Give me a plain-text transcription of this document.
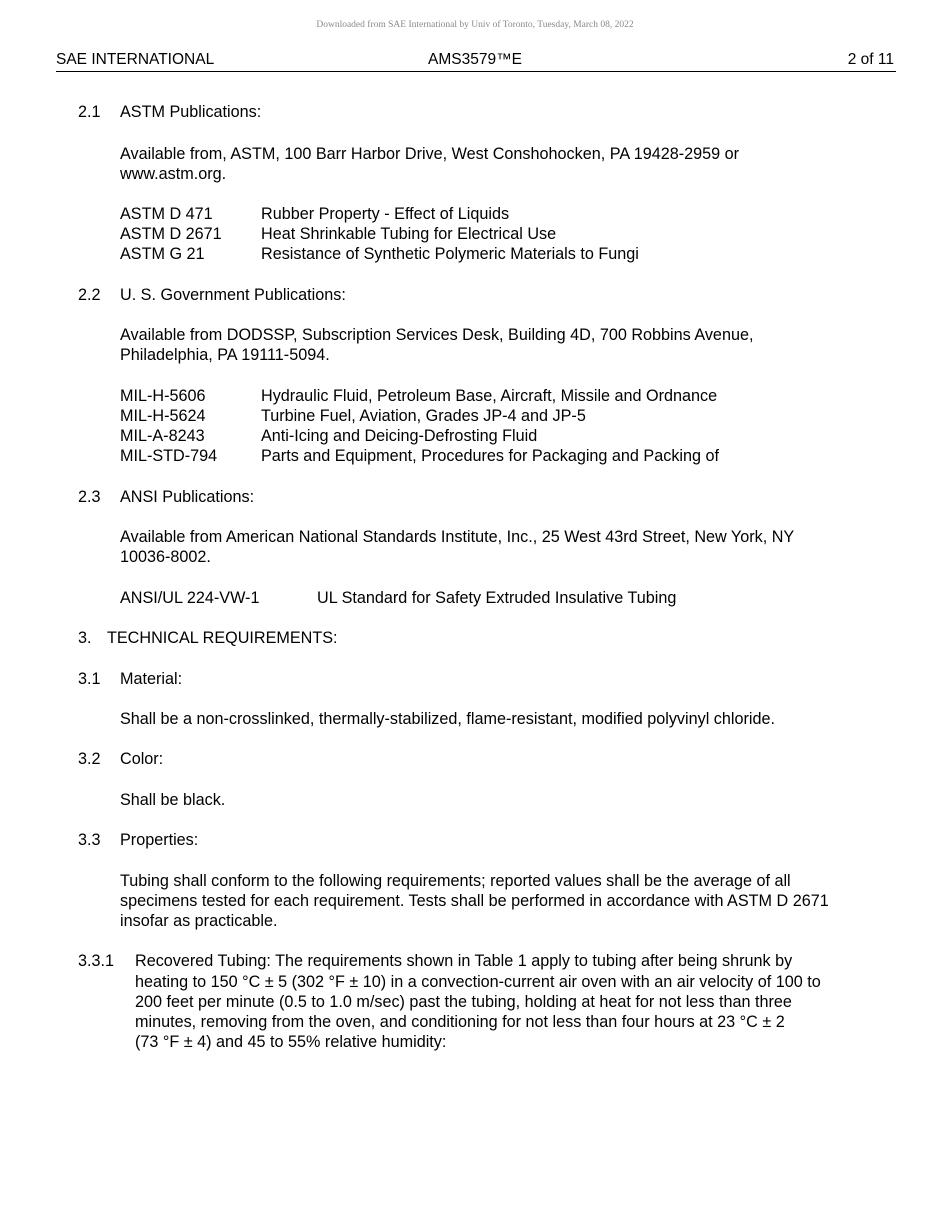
Downloaded from SAE International by Univ of Toronto, Tuesday, March 08, 2022
SAE INTERNATIONAL	AMS3579™E	2 of 11
2.1 ASTM Publications:
Available from, ASTM, 100 Barr Harbor Drive, West Conshohocken, PA 19428-2959 or
www.astm.org.
ASTM D 471	Rubber Property - Effect of Liquids
ASTM D 2671 Heat Shrinkable Tubing for Electrical Use
ASTM G 21	Resistance of Synthetic Polymeric Materials to Fungi
2.2 U. S. Government Publications:
Available from DODSSP, Subscription Services Desk, Building 4D, 700 Robbins Avenue,
Philadelphia, PA 19111-5094.
MIL-H-5606	Hydraulic Fluid, Petroleum Base, Aircraft, Missile and Ordnance
MIL-H-5624	Turbine Fuel, Aviation, Grades JP-4 and JP-5
MIL-A-8243	Anti-Icing and Deicing-Defrosting Fluid
MIL-STD-794	Parts and Equipment, Procedures for Packaging and Packing of
2.3 ANSI Publications:
Available from American National Standards Institute, Inc., 25 West 43rd Street, New York, NY
10036-8002.
ANSI/UL 224-VW-1	UL Standard for Safety Extruded Insulative Tubing
3. TECHNICAL REQUIREMENTS:
3.1 Material:
Shall be a non-crosslinked, thermally-stabilized, flame-resistant, modified polyvinyl chloride.
3.2 Color:
Shall be black.
3.3 Properties:
Tubing shall conform to the following requirements; reported values shall be the average of all
specimens tested for each requirement. Tests shall be performed in accordance with ASTM D 2671
insofar as practicable.
3.3.1 Recovered Tubing: The requirements shown in Table 1 apply to tubing after being shrunk by
heating to 150 °C ± 5 (302 °F ± 10) in a convection-current air oven with an air velocity of 100 to
200 feet per minute (0.5 to 1.0 m/sec) past the tubing, holding at heat for not less than three
minutes, removing from the oven, and conditioning for not less than four hours at 23 °C ± 2
(73 °F ± 4) and 45 to 55% relative humidity:
